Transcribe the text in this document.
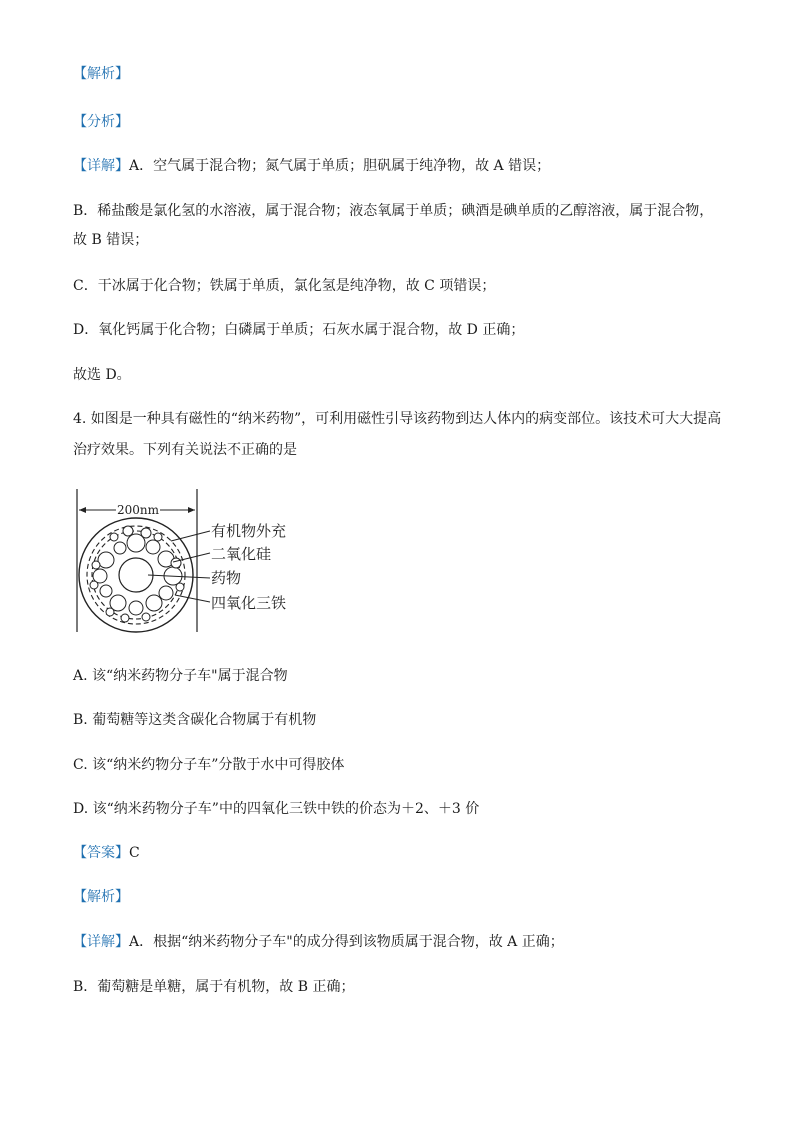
【解析】
【分析】
【详解】A．空气属于混合物；氮气属于单质；胆矾属于纯净物，故 A 错误；
B．稀盐酸是氯化氢的水溶液，属于混合物；液态氧属于单质；碘酒是碘单质的乙醇溶液，属于混合物，
故 B 错误；
C．干冰属于化合物；铁属于单质，氯化氢是纯净物，故 C 项错误；
D．氧化钙属于化合物；白磷属于单质；石灰水属于混合物，故 D 正确；
故选 D。
4. 如图是一种具有磁性的“纳米药物”，可利用磁性引导该药物到达人体内的病变部位。该技术可大大提高
治疗效果。下列有关说法不正确的是
200nm
有机物外充
二氧化硅
药物
四氧化三铁
A. 该“纳米药物分子车"属于混合物
B. 葡萄糖等这类含碳化合物属于有机物
C. 该“纳米约物分子车”分散于水中可得胶体
D. 该“纳米药物分子车”中的四氧化三铁中铁的价态为＋2、＋3 价
【答案】C
【解析】
【详解】A．根据“纳米药物分子车"的成分得到该物质属于混合物，故 A 正确；
B．葡萄糖是单糖，属于有机物，故 B 正确；
